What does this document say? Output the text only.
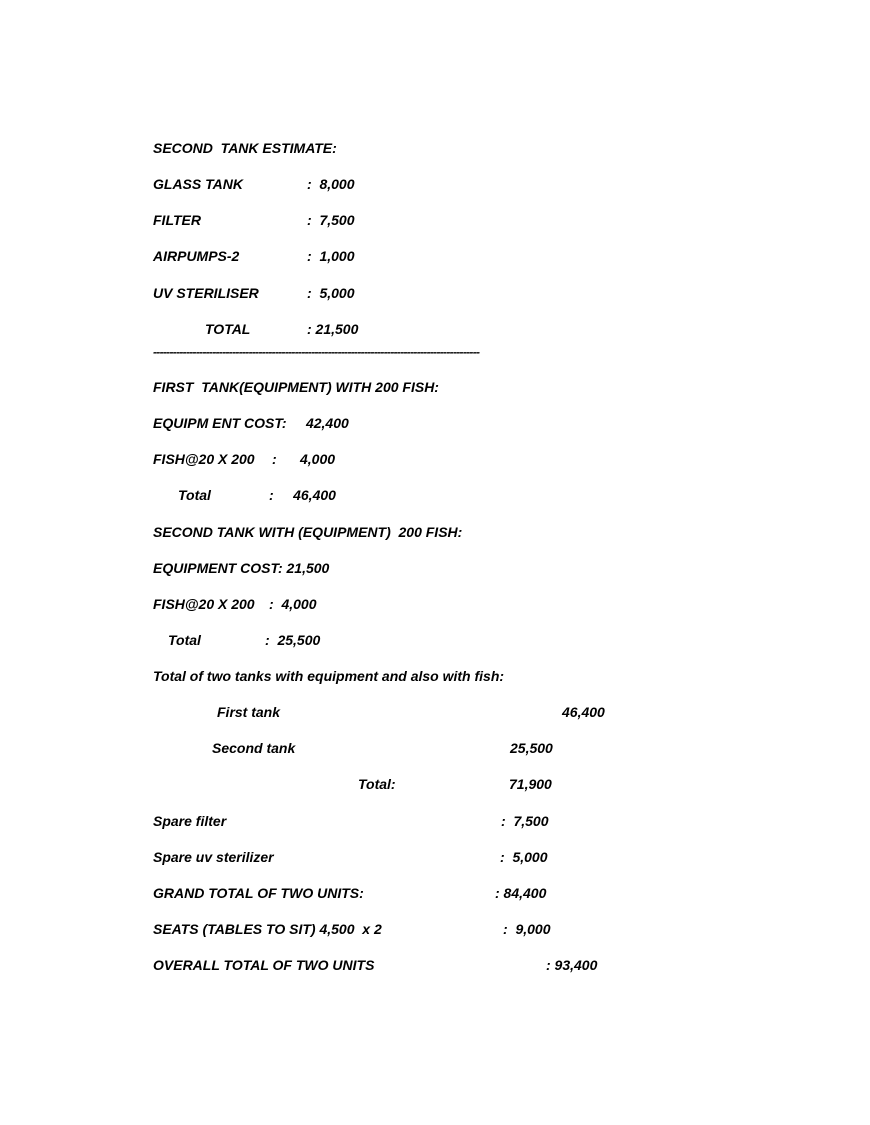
SECOND  TANK ESTIMATE:
GLASS TANK	:  8,000
FILTER	:  7,500
AIRPUMPS-2	:  1,000
UV STERILISER	:  5,000
TOTAL	: 21,500
---------------------------------------------------------------------------------------------------
FIRST  TANK(EQUIPMENT) WITH 200 FISH:
EQUIPM ENT COST:     42,400
FISH@20 X 200 :      4,000
Total	:     46,400
SECOND TANK WITH (EQUIPMENT)  200 FISH:
EQUIPMENT COST: 21,500
FISH@20 X 200 :  4,000
Total	:  25,500
Total of two tanks with equipment and also with fish:
First tank	46,400
Second tank	25,500
Total:	71,900
Spare filter	:  7,500
Spare uv sterilizer	:  5,000
GRAND TOTAL OF TWO UNITS:	: 84,400
SEATS (TABLES TO SIT) 4,500  x 2	:  9,000
OVERALL TOTAL OF TWO UNITS	: 93,400
